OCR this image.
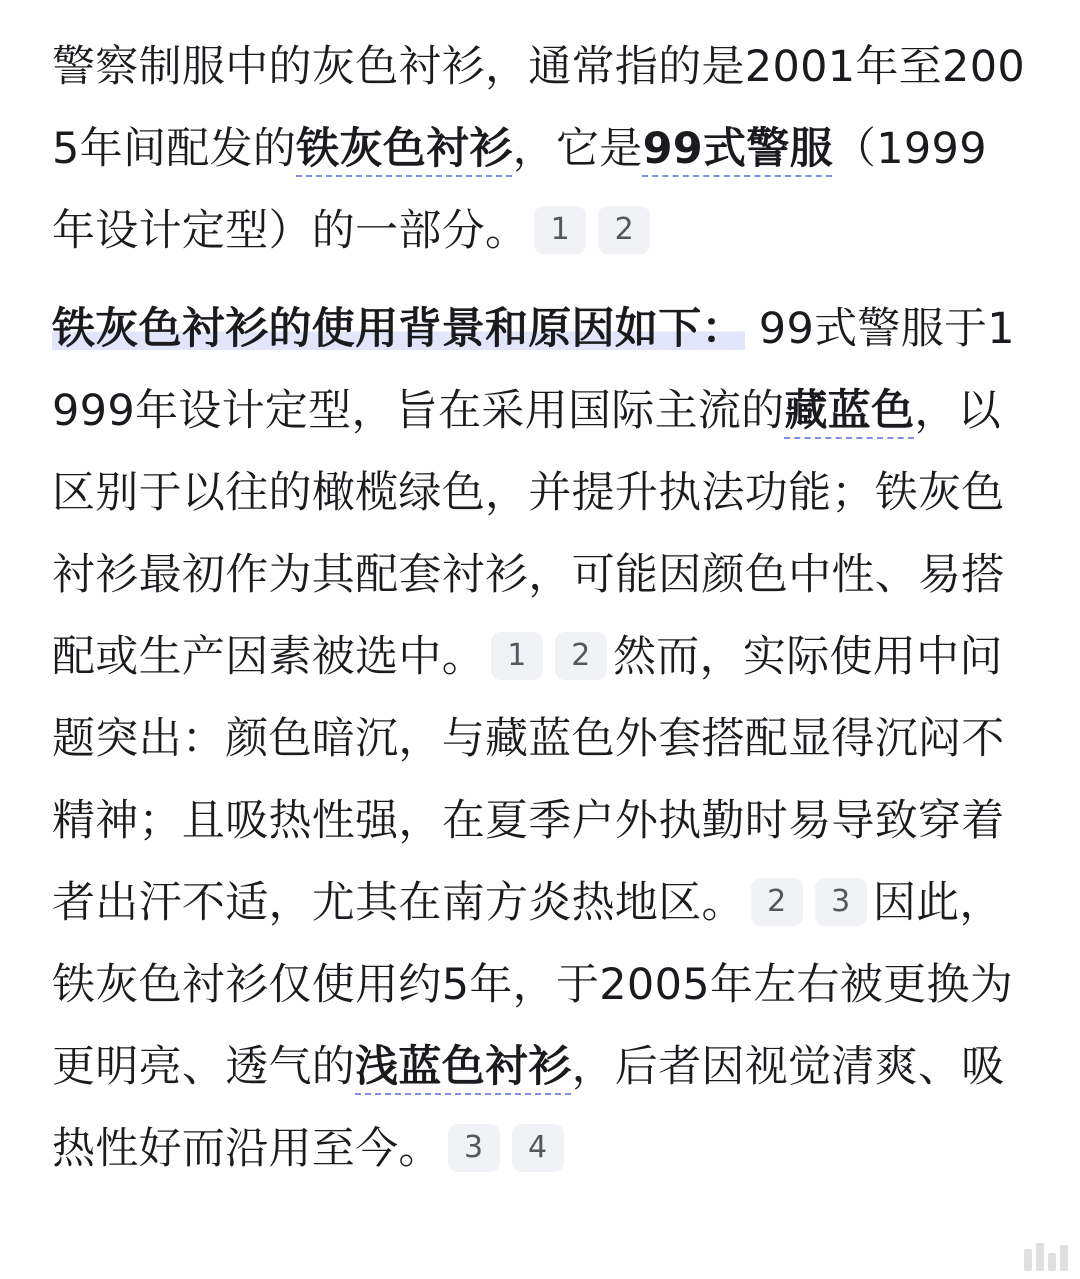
警察制服中的灰色衬衫，通常指的是2001年至2005年间配发的铁灰色衬衫，它是99式警服（1999年设计定型）的一部分。 1 2

铁灰色衬衫的使用背景和原因如下： 99式警服于1999年设计定型，旨在采用国际主流的藏蓝色，以区别于以往的橄榄绿色，并提升执法功能；铁灰色衬衫最初作为其配套衬衫，可能因颜色中性、易搭配或生产因素被选中。 1 2 然而，实际使用中问题突出：颜色暗沉，与藏蓝色外套搭配显得沉闷不精神；且吸热性强，在夏季户外执勤时易导致穿着者出汗不适，尤其在南方炎热地区。 2 3 因此，铁灰色衬衫仅使用约5年，于2005年左右被更换为更明亮、透气的浅蓝色衬衫，后者因视觉清爽、吸热性好而沿用至今。 3 4
